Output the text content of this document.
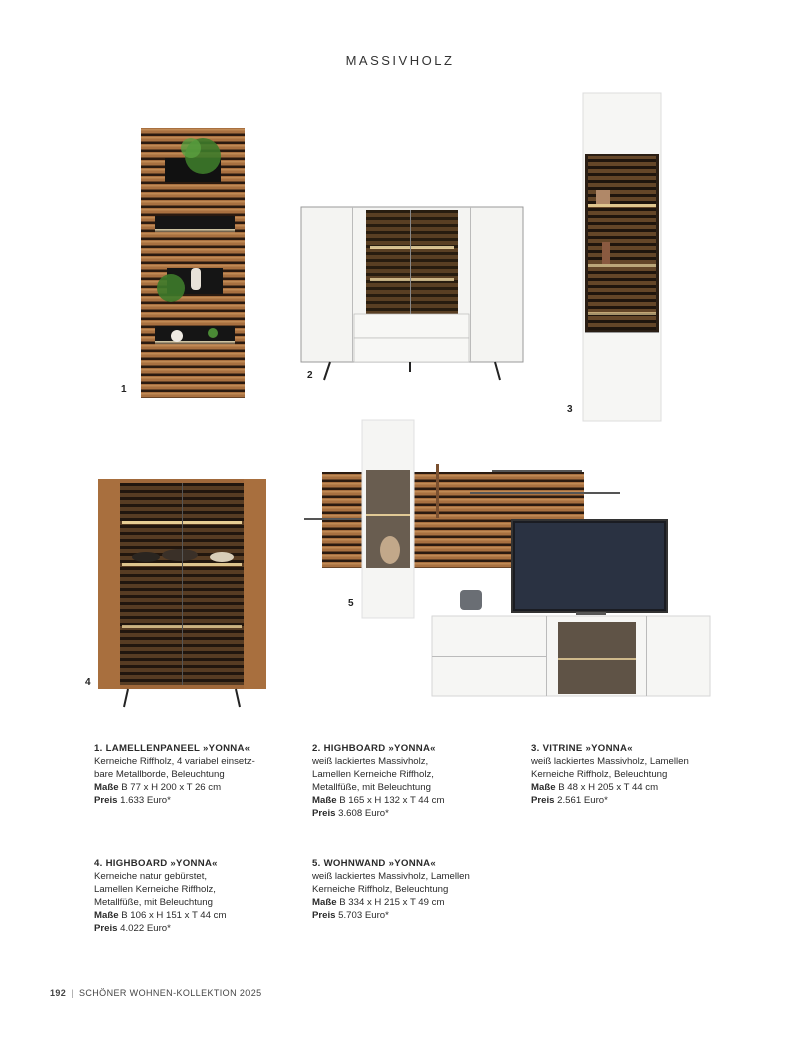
MASSIVHOLZ
1
2
3
4
5
1. LAMELLENPANEEL »YONNA«
Kerneiche Riffholz, 4 variabel einsetz-
bare Metallborde, Beleuchtung
Maße B 77 x H 200 x T 26 cm
Preis 1.633 Euro*
2. HIGHBOARD »YONNA«
weiß lackiertes Massivholz,
Lamellen Kerneiche Riffholz,
Metallfüße, mit Beleuchtung
Maße B 165 x H 132 x T 44 cm
Preis 3.608 Euro*
3. VITRINE »YONNA«
weiß lackiertes Massivholz, Lamellen
Kerneiche Riffholz, Beleuchtung
Maße B 48 x H 205 x T 44 cm
Preis 2.561 Euro*
4. HIGHBOARD »YONNA«
Kerneiche natur gebürstet,
Lamellen Kerneiche Riffholz,
Metallfüße, mit Beleuchtung
Maße B 106 x H 151 x T 44 cm
Preis 4.022 Euro*
5. WOHNWAND »YONNA«
weiß lackiertes Massivholz, Lamellen
Kerneiche Riffholz, Beleuchtung
Maße B 334 x H 215 x T 49 cm
Preis 5.703 Euro*
192 | SCHÖNER WOHNEN-KOLLEKTION 2025
